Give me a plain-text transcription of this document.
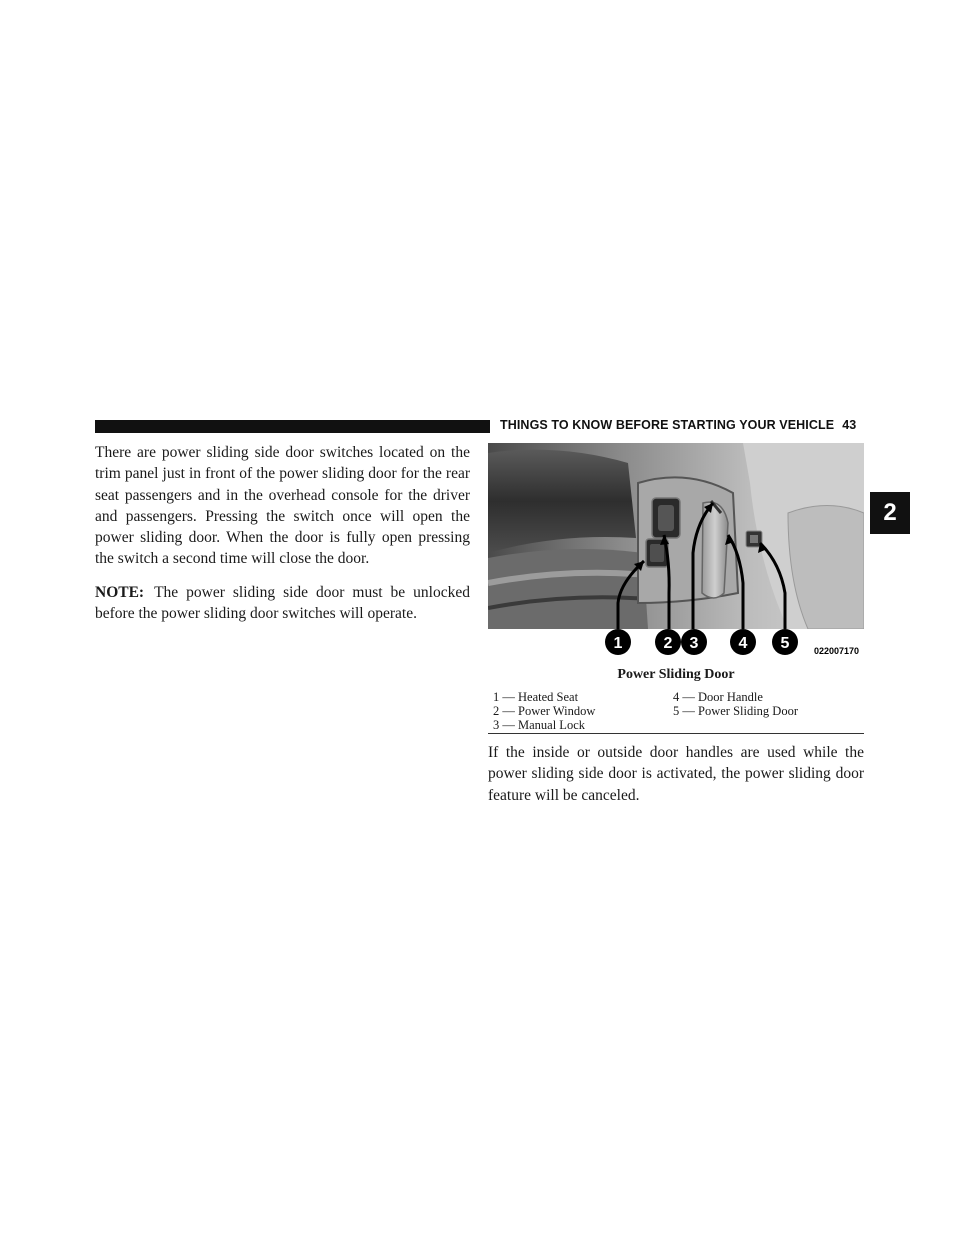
THINGS TO KNOW BEFORE STARTING YOUR VEHICLE 43

There are power sliding side door switches located on the trim panel just in front of the power sliding door for the rear seat passengers and in the overhead console for the driver and passengers. Pressing the switch once will open the power sliding door. When the door is fully open pressing the switch a second time will close the door.

NOTE: The power sliding side door must be unlocked before the power sliding door switches will operate.

1	2 3	4 5	022007170
Power Sliding Door
1 — Heated Seat
2 — Power Window
3 — Manual Lock
4 — Door Handle
5 — Power Sliding Door
If the inside or outside door handles are used while the power sliding side door is activated, the power sliding door feature will be canceled.
2
